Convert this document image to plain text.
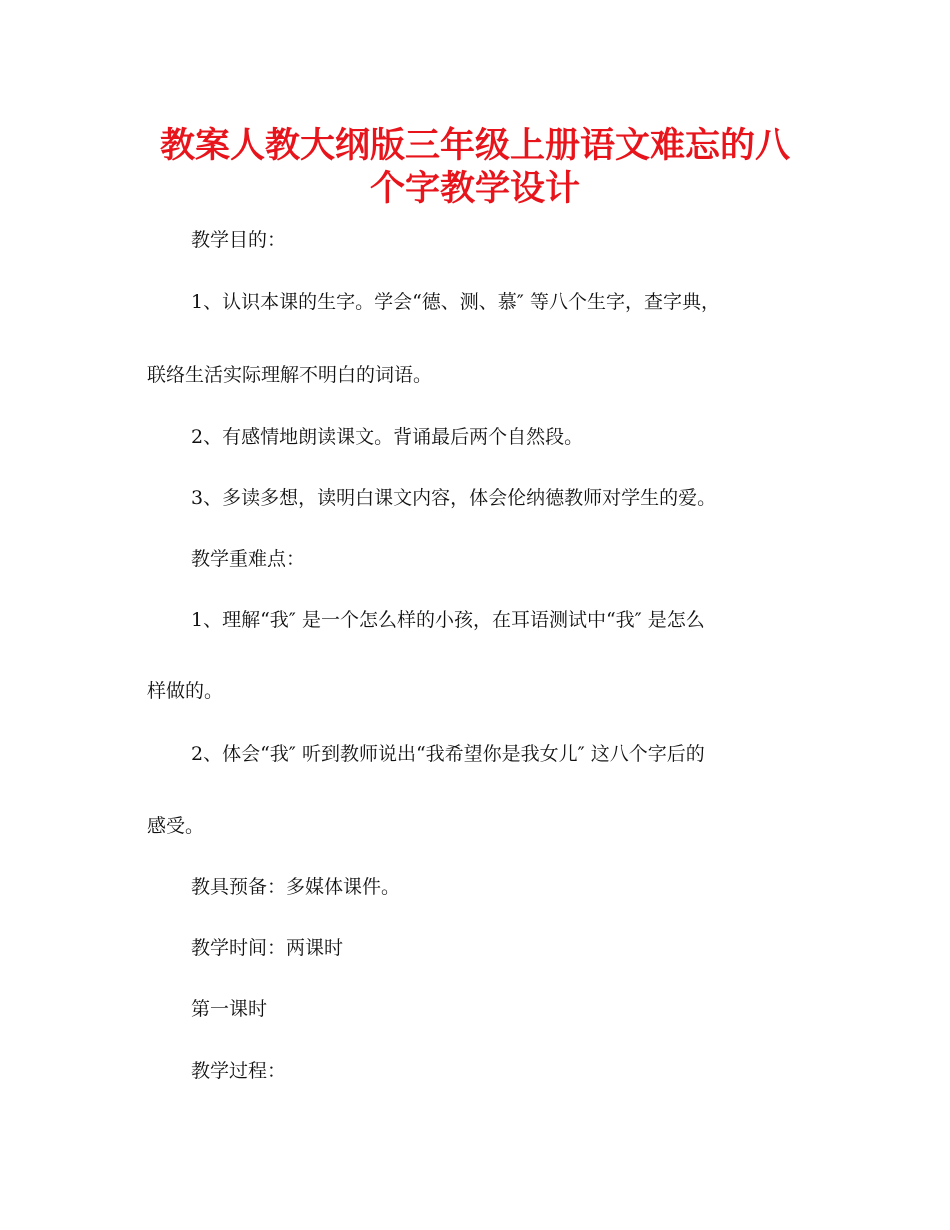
教案人教大纲版三年级上册语文难忘的八
个字教学设计

教学目的：

1、认识本课的生字。学会“德、测、慕″ 等八个生字，查字典，

联络生活实际理解不明白的词语。

2、有感情地朗读课文。背诵最后两个自然段。

3、多读多想，读明白课文内容，体会伦纳德教师对学生的爱。

教学重难点：

1、理解“我″ 是一个怎么样的小孩，在耳语测试中“我″ 是怎么

样做的。

2、体会“我″ 听到教师说出“我希望你是我女儿″ 这八个字后的

感受。

教具预备：多媒体课件。

教学时间：两课时

第一课时

教学过程：
